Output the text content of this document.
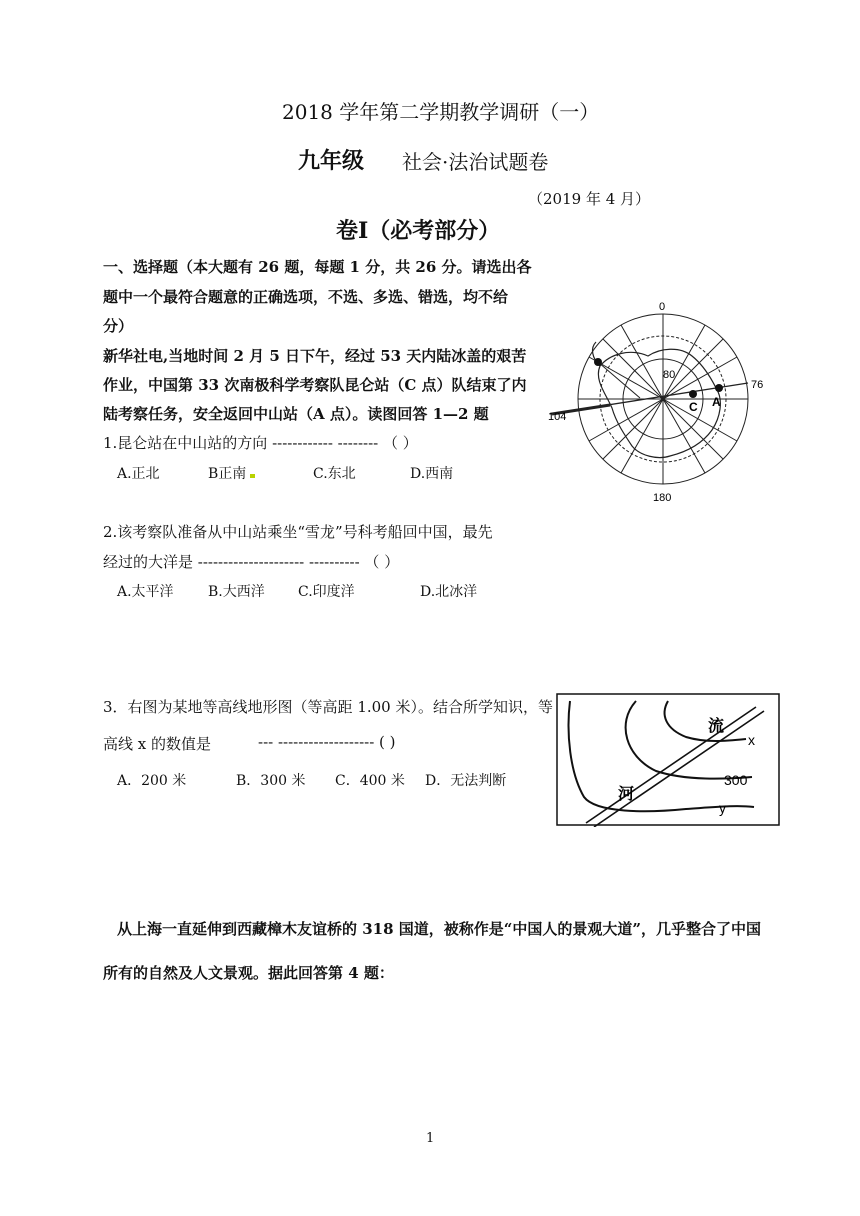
2018 学年第二学期教学调研（一）
九年级 社会·法治试题卷
（2019 年 4 月）
卷Ⅰ（必考部分）
一、选择题（本大题有 26 题，每题 1 分，共 26 分。请选出各
题中一个最符合题意的正确选项，不选、多选、错选，均不给
分）
新华社电,当地时间 2 月 5 日下午，经过 53 天内陆冰盖的艰苦
作业，中国第 33 次南极科学考察队昆仑站（C 点）队结束了内
陆考察任务，安全返回中山站（A 点）。读图回答 1—2 题
1.昆仑站在中山站的方向 ------------ -------- （ ）
A.正北	B正南	C.东北	D.西南
2.该考察队准备从中山站乘坐“雪龙”号科考船回中国，最先
经过的大洋是 --------------------- ---------- （ ）
A.太平洋 B.大西洋 C.印度洋	D.北冰洋
3．右图为某地等高线地形图（等高距 1.00 米）。结合所学知识，等
高线 x 的数值是	--- ------------------- ( )
A．200 米	B．300 米 C．400 米 D．无法判断
从上海一直延伸到西藏樟木友谊桥的 318 国道，被称作是“中国人的景观大道”，几乎整合了中国
所有的自然及人文景观。据此回答第 4 题：
1
0
76
104
180
80
C A
流
河
x
300
y
